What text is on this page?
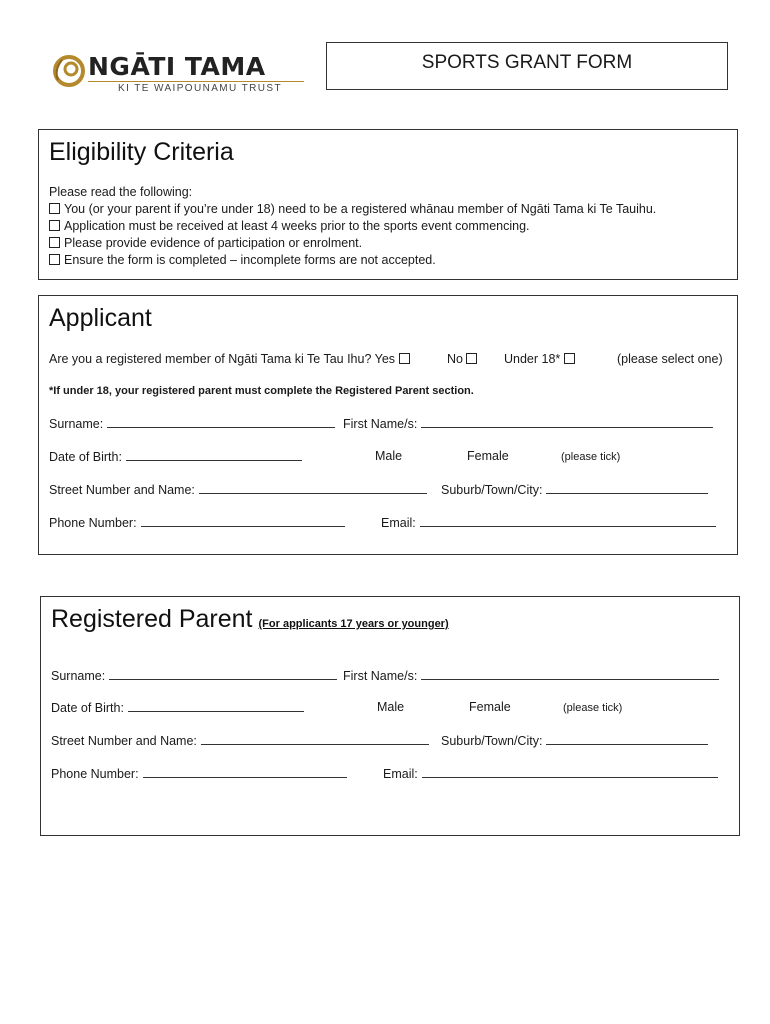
NGĀTI TAMA
KI TE WAIPOUNAMU TRUST
SPORTS GRANT FORM
Eligibility Criteria
Please read the following:
You (or your parent if you’re under 18) need to be a registered whānau member of Ngāti Tama ki Te Tauihu.
Application must be received at least 4 weeks prior to the sports event commencing.
Please provide evidence of participation or enrolment.
Ensure the form is completed – incomplete forms are not accepted.
Applicant
Are you a registered member of Ngāti Tama ki Te Tau Ihu? Yes	No	Under 18*	(please select one)
*If under 18, your registered parent must complete the Registered Parent section.
Surname:	First Name/s:
Date of Birth:	Male	Female	(please tick)
Street Number and Name:	Suburb/Town/City:
Phone Number:	Email:
Registered Parent (For applicants 17 years or younger)
Surname:	First Name/s:
Date of Birth:	Male	Female	(please tick)
Street Number and Name:	Suburb/Town/City:
Phone Number:	Email:
